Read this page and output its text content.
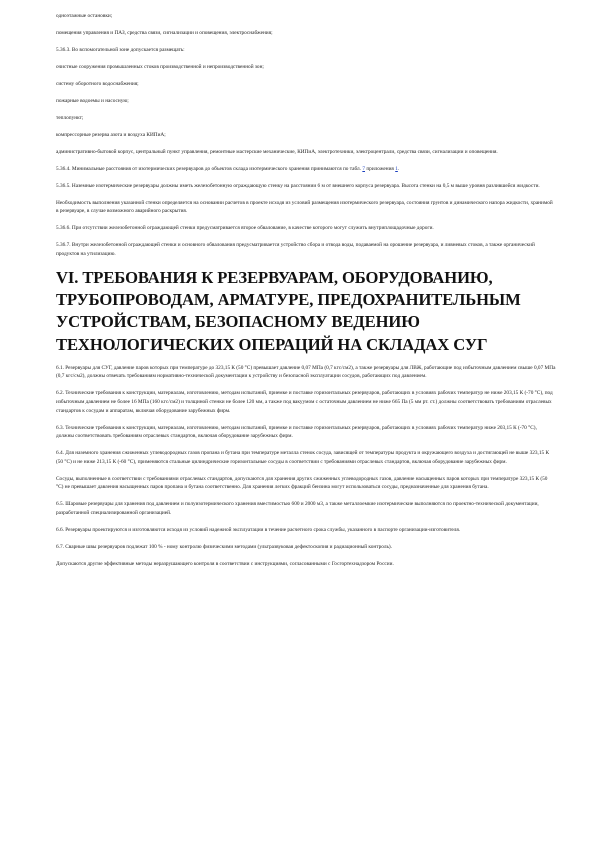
одноэтажные остановки;

помещения управления и ПАЗ, средства связи, сигнализации и оповещения, электроснабжения;

5.36.3. Во вспомогательной зоне допускается размещать:

очистные сооружения промышленных стоков производственной и непроизводственной зон;

систему оборотного водоснабжения;

пожарные водоемы и насосную;

теплопункт;

компрессорные резерва азота и воздуха КИПиА;

административно-бытовой корпус, центральный пункт управления, ремонтные мастерские механические, КИПиА, электротехники, электроцентрали, средства связи, сигнализации и оповещения.

5.36.4. Минимальные расстояния от изотермических резервуаров до объектов склада изотермического хранения принимаются по табл. 7 приложения 1.

5.36.5. Наземные изотермические резервуары должны иметь железобетонную ограждающую стенку на расстоянии 6 м от внешнего корпуса резервуара. Высота стенки на 0,5 м выше уровня разлившейся жидкости.

Необходимость выполнения указанной стенки определяется на основании расчетов в проекте исходя из условий размещения изотермического резервуара, состояния грунтов и динамического напора жидкости, хранимой в резервуаре, в случае возможного аварийного раскрытия.

5.36.6. При отсутствии железобетонной ограждающей стенки предусматривается второе обвалование, в качестве которого могут служить внутриплощадочные дороги.

5.36.7. Внутри железобетонной ограждающей стенки и основного обвалования предусматривается устройство сбора и отвода воды, подаваемой на орошение резервуара, и ливневых стоков, а также органический продуктов на утилизацию.

VI. ТРЕБОВАНИЯ К РЕЗЕРВУАРАМ, ОБОРУДОВАНИЮ, ТРУБОПРОВОДАМ, АРМАТУРЕ, ПРЕДОХРАНИТЕЛЬНЫМ УСТРОЙСТВАМ, БЕЗОПАСНОМУ ВЕДЕНИЮ ТЕХНОЛОГИЧЕСКИХ ОПЕРАЦИЙ НА СКЛАДАХ СУГ

6.1. Резервуары для СУГ, давление паров которых при температуре до 323,15 К (50 °С) превышает давление 0,07 МПа (0,7 кгс/см2), а также резервуары для ЛВЖ, работающие под избыточным давлением свыше 0,07 МПа (0,7 кгс/см2), должны отвечать требованиям нормативно-технической документации к устройству и безопасной эксплуатации сосудов, работающих под давлением.

6.2. Технические требования к конструкции, материалам, изготовлению, методам испытаний, приемке и поставке горизонтальных резервуаров, работающих в условиях рабочих температур не ниже 203,15 К (-70 °С), под избыточным давлением не более 16 МПа (160 кгс/см2) и толщиной стенки не более 120 мм, а также под вакуумом с остаточным давлением не ниже 665 Па (5 мм рт. ст.) должны соответствовать требованиям отраслевых стандартов к сосудам и аппаратам, включая оборудование зарубежных фирм.

6.3. Технические требования к конструкции, материалам, изготовлению, методам испытаний, приемке и поставке горизонтальных резервуаров, работающих в условиях рабочих температур ниже 203,15 К (-70 °С), должны соответствовать требованиям отраслевых стандартов, включая оборудование зарубежных фирм.

6.4. Для наземного хранения сжиженных углеводородных газов пропана и бутана при температуре металла стенок сосуда, зависящей от температуры продукта и окружающего воздуха и достигающей не выше 323,15 К (50 °С) и не ниже 213,15 К (-60 °С), применяются стальные цилиндрические горизонтальные сосуды в соответствии с требованиями отраслевых стандартов, включая оборудование зарубежных фирм.

Сосуды, выполненные в соответствии с требованиями отраслевых стандартов, допускаются для хранения других сжиженных углеводородных газов, давление насыщенных паров которых при температуре 323,15 К (50 °С) не превышает давления насыщенных паров пропана и бутана соответственно. Для хранения легких фракций бензина могут использоваться сосуды, предназначенные для хранения бутана.

6.5. Шаровые резервуары для хранения под давлением и полуизотермического хранения вместимостью 600 и 2000 м3, а также металлоемкие изотермические выполняются по проектно-технической документации, разработанной специализированной организацией.

6.6. Резервуары проектируются и изготовляются исходя из условий надежной эксплуатации в течение расчетного срока службы, указанного в паспорте организации-изготовителя.

6.7. Сварные швы резервуаров подлежат 100 % - ному контролю физическими методами (ультразвуковая дефектоскопия и радиационный контроль).

Допускаются другие эффективные методы неразрушающего контроля в соответствии с инструкциями, согласованными с Госгортехнадзором России.
